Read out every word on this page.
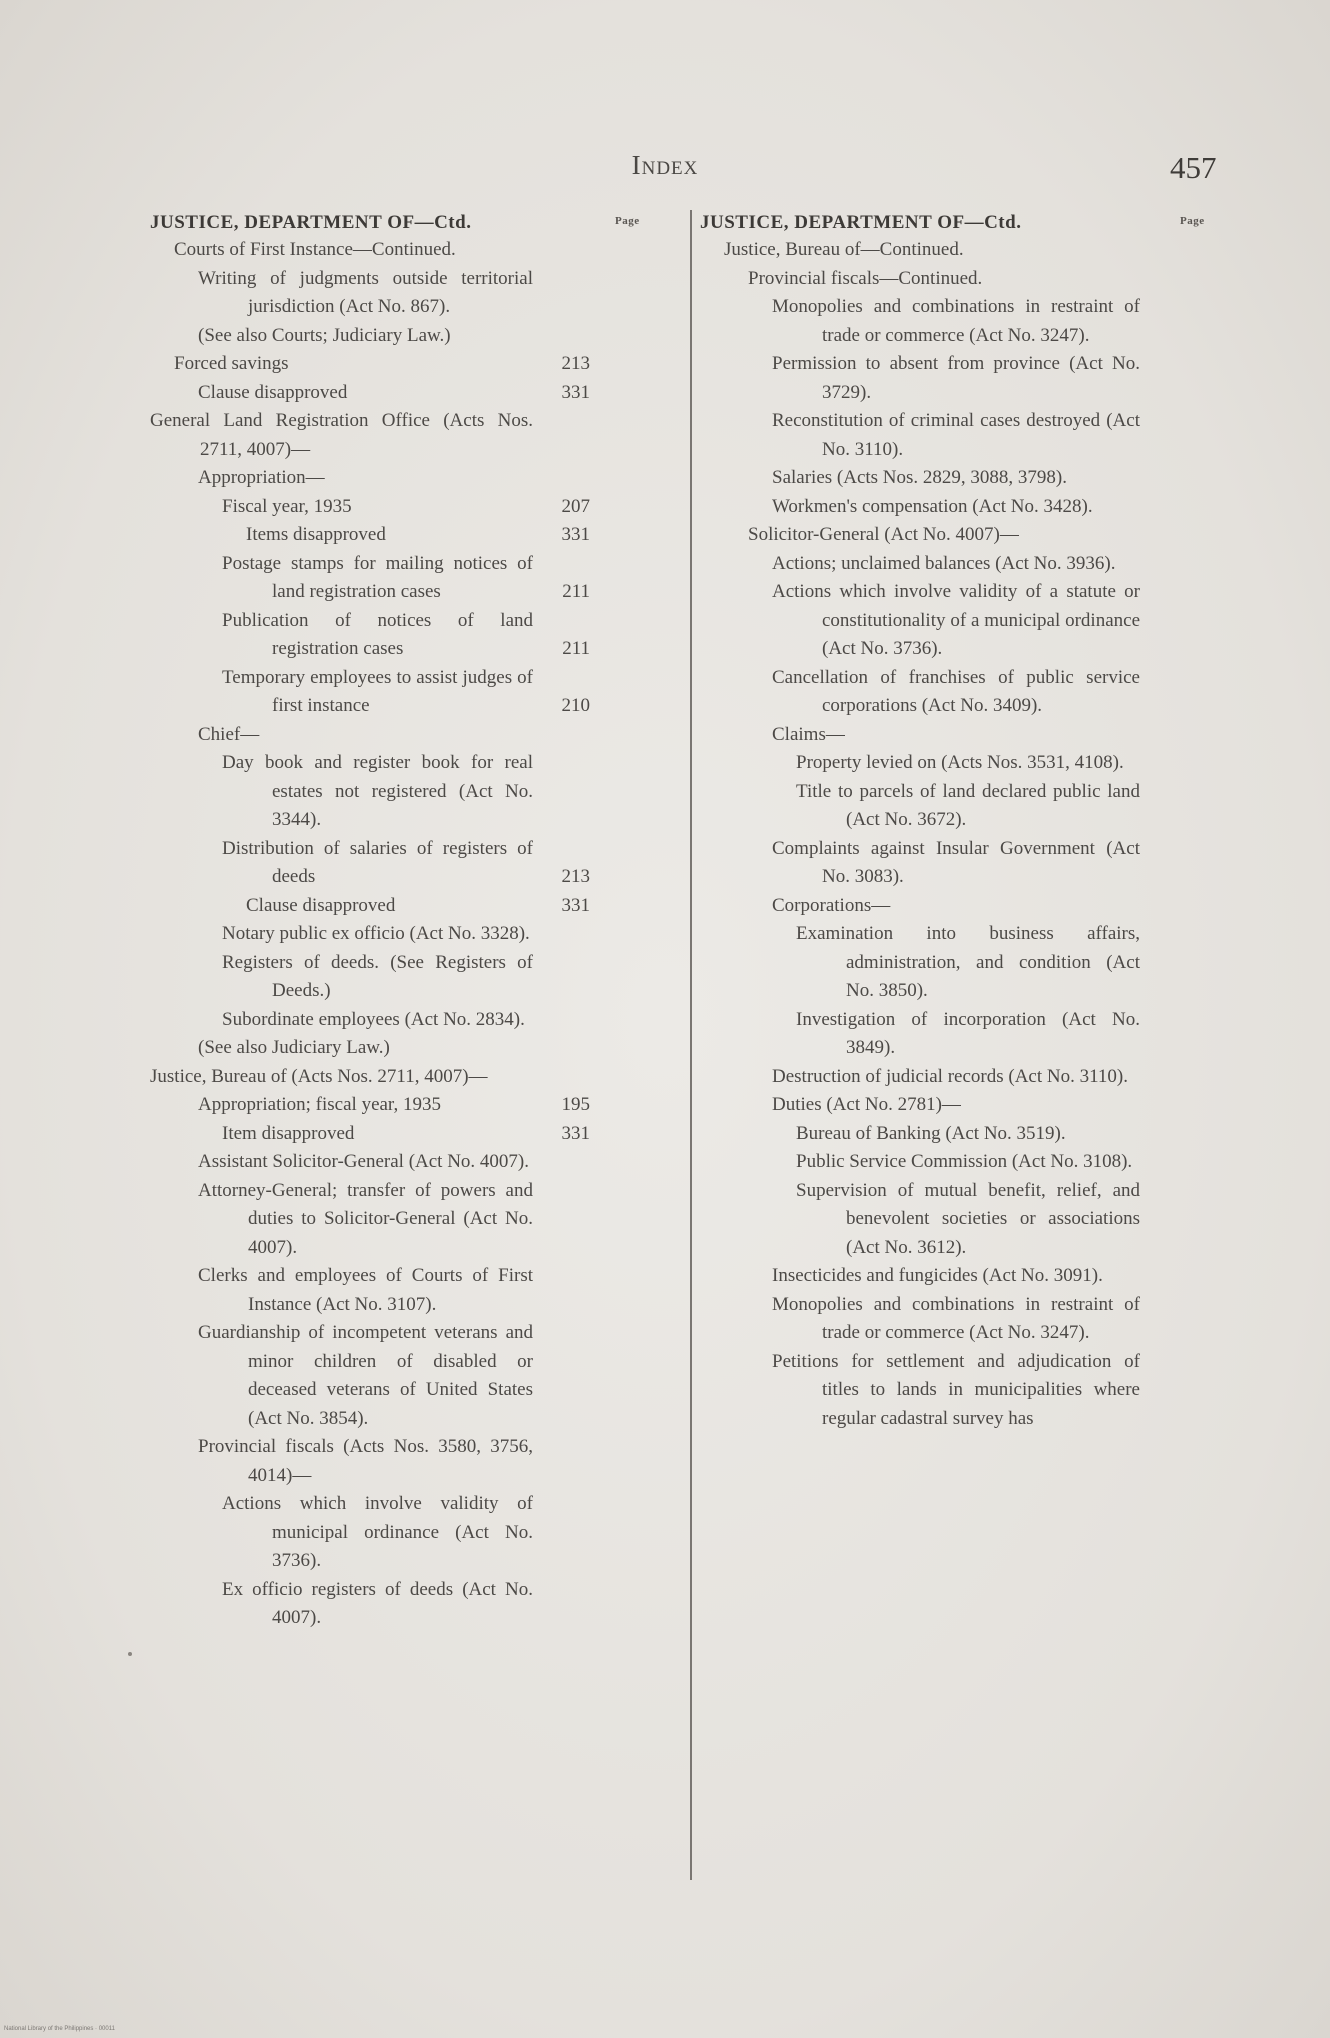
Index	457
JUSTICE, DEPARTMENT OF—Ctd.	Page
Courts of First Instance—Continued.
Writing of judgments outside territorial jurisdiction (Act No. 867).
(See also Courts; Judiciary Law.)
Forced savings	213
Clause disapproved	331
General Land Registration Office (Acts Nos. 2711, 4007)—
Appropriation—
Fiscal year, 1935	207
Items disapproved	331
Postage stamps for mailing notices of land registration cases	211
Publication of notices of land registration cases	211
Temporary employees to assist judges of first instance	210
Chief—
Day book and register book for real estates not registered (Act No. 3344).
Distribution of salaries of registers of deeds	213
Clause disapproved	331
Notary public ex officio (Act No. 3328).
Registers of deeds. (See Registers of Deeds.)
Subordinate employees (Act No. 2834).
(See also Judiciary Law.)
Justice, Bureau of (Acts Nos. 2711, 4007)—
Appropriation; fiscal year, 1935	195
Item disapproved	331
Assistant Solicitor-General (Act No. 4007).
Attorney-General; transfer of powers and duties to Solicitor-General (Act No. 4007).
Clerks and employees of Courts of First Instance (Act No. 3107).
Guardianship of incompetent veterans and minor children of disabled or deceased veterans of United States (Act No. 3854).
Provincial fiscals (Acts Nos. 3580, 3756, 4014)—
Actions which involve validity of municipal ordinance (Act No. 3736).
Ex officio registers of deeds (Act No. 4007).
JUSTICE, DEPARTMENT OF—Ctd.	Page
Justice, Bureau of—Continued.
Provincial fiscals—Continued.
Monopolies and combinations in restraint of trade or commerce (Act No. 3247).
Permission to absent from province (Act No. 3729).
Reconstitution of criminal cases destroyed (Act No. 3110).
Salaries (Acts Nos. 2829, 3088, 3798).
Workmen's compensation (Act No. 3428).
Solicitor-General (Act No. 4007)—
Actions; unclaimed balances (Act No. 3936).
Actions which involve validity of a statute or constitutionality of a municipal ordinance (Act No. 3736).
Cancellation of franchises of public service corporations (Act No. 3409).
Claims—
Property levied on (Acts Nos. 3531, 4108).
Title to parcels of land declared public land (Act No. 3672).
Complaints against Insular Government (Act No. 3083).
Corporations—
Examination into business affairs, administration, and condition (Act No. 3850).
Investigation of incorporation (Act No. 3849).
Destruction of judicial records (Act No. 3110).
Duties (Act No. 2781)—
Bureau of Banking (Act No. 3519).
Public Service Commission (Act No. 3108).
Supervision of mutual benefit, relief, and benevolent societies or associations (Act No. 3612).
Insecticides and fungicides (Act No. 3091).
Monopolies and combinations in restraint of trade or commerce (Act No. 3247).
Petitions for settlement and adjudication of titles to lands in municipalities where regular cadastral survey has
National Library of the Philippines · 00011
